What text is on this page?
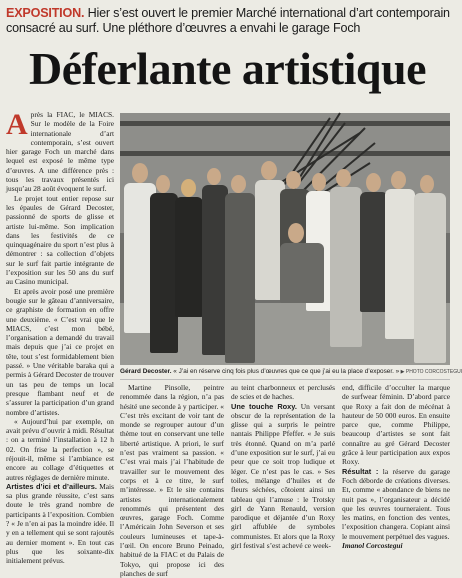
EXPOSITION. Hier s’est ouvert le premier Marché international d’art contemporain consacré au surf. Une pléthore d’œuvres a envahi le garage Foch
Déferlante artistique

Après la FIAC, le MIACS. Sur le modèle de la Foire internationale d’art contemporain, s’est ouvert hier garage Foch un marché dans lequel est exposé le même type d’œuvres. A une différence près : tous les travaux présentés ici jusqu’au 28 août évoquent le surf.

Le projet tout entier repose sur les épaules de Gérard Decoster, passionné de sports de glisse et artiste lui-même. Son implication dans les festivités de ce quinquagénaire du sport n’est plus à démontrer : sa collection d’objets sur le surf fait partie intégrante de l’exposition sur les 50 ans du surf au Casino municipal.

Et après avoir posé une première bougie sur le gâteau d’anniversaire, ce graphiste de formation en offre une deuxième. « C’est vrai que le MIACS, c’est mon bébé, l’organisation a demandé du travail mais depuis que j’ai ce projet en tête, tout s’est formidablement bien passé. » Une véritable baraka qui a permis à Gérard Decoster de trouver un tas peu de temps un local presque flambant neuf et de s’assurer la participation d’un grand nombre d’artistes.

« Aujourd’hui par exemple, on avait prévu d’ouvrir à midi. Résultat : on a terminé l’installation à 12 h 02. On frise la perfection », se réjouit-il, même si l’ambiance est encore au collage d’étiquettes et autres réglages de dernière minute.

Artistes d’ici et d’ailleurs. Mais sa plus grande réussite, c’est sans doute le très grand nombre de participants à l’exposition. Combien ? « Je n’en ai pas la moindre idée. Il y en a tellement qui se sont rajoutés au dernier moment ». En tout cas plus que les soixante-dix initialement prévus.

Gérard Decoster. « J’ai en réserve cinq fois plus d’œuvres que ce que j’ai eu la place d’exposer. » ▶ PHOTO CORCOSTEGUI

Martine Pinsolle, peintre renommée dans la région, n’a pas hésité une seconde à y participer. « C’est très excitant de voir tant de monde se regrouper autour d’un thème tout en conservant une telle liberté artistique. A priori, le surf n’est pas vraiment sa passion. « C’est vrai mais j’ai l’habitude de travailler sur le mouvement des corps et à ce titre, le surf m’intéresse. » Et le site contains artistes internationalement renommés qui présentent des œuvres, garage Foch. Comme l’Américain John Severson et ses couleurs lumineuses et tape-à-l’œil. On encore Bruno Peinado, habitué de la FIAC et du Palais de Tokyo, qui propose ici des planches de surf

au teint charbonneux et perclusés de scies et de haches.

Une touche Roxy. Un versant obscur de la représentation de la glisse qui a surpris le peintre nantais Philippe Pfeffer. « Je suis très étonné. Quand on m’a parlé d’une exposition sur le surf, j’ai eu peur que ce soit trop ludique et léger. Ce n’est pas le cas. » Ses toiles, mélange d’huiles et de fleurs séchées, côtoient ainsi un tableau qui l’amuse : le Trotsky girl de Yann Renauld, version parodique et déjantée d’un Roxy girl affublée de symboles communistes. Et alors que la Roxy girl festival s’est achevé ce week-

end, difficile d’occulter la marque de surfwear féminin. D’abord parce que Roxy a fait don de mécénat à hauteur de 50 000 euros. En ensuite parce que, comme Philippe, beaucoup d’artistes se sont fait connaître au gré Gérard Decoster grâce à leur participation aux expos Roxy.

Résultat : la réserve du garage Foch déborde de créations diverses. Et, comme « abondance de biens ne nuit pas », l’organisateur a décidé que les œuvres tourneraient. Tous les matins, en fonction des ventes, l’exposition changera. Copiant ainsi le mouvement perpétuel des vagues.

Imanol Corcostegui
